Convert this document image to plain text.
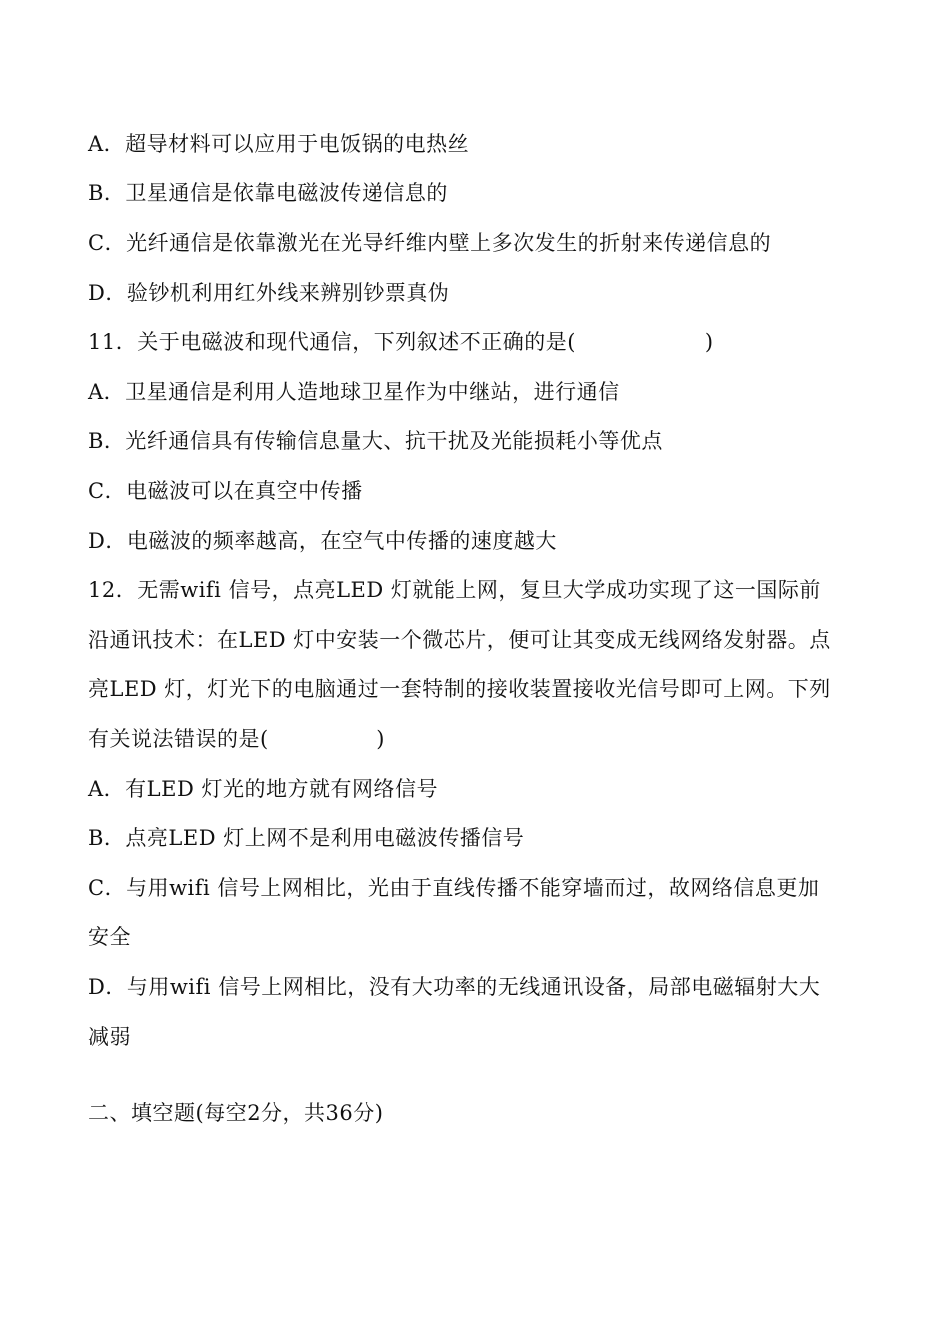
A．超导材料可以应用于电饭锅的电热丝
B．卫星通信是依靠电磁波传递信息的
C．光纤通信是依靠激光在光导纤维内壁上多次发生的折射来传递信息的
D．验钞机利用红外线来辨别钞票真伪
11．关于电磁波和现代通信，下列叙述不正确的是(　　　　　　)
A．卫星通信是利用人造地球卫星作为中继站，进行通信
B．光纤通信具有传输信息量大、抗干扰及光能损耗小等优点
C．电磁波可以在真空中传播
D．电磁波的频率越高，在空气中传播的速度越大
12．无需wifi 信号，点亮LED 灯就能上网，复旦大学成功实现了这一国际前
沿通讯技术：在LED 灯中安装一个微芯片，便可让其变成无线网络发射器。点
亮LED 灯，灯光下的电脑通过一套特制的接收装置接收光信号即可上网。下列
有关说法错误的是(　　　　　)
A．有LED 灯光的地方就有网络信号
B．点亮LED 灯上网不是利用电磁波传播信号
C．与用wifi 信号上网相比，光由于直线传播不能穿墙而过，故网络信息更加
安全
D．与用wifi 信号上网相比，没有大功率的无线通讯设备，局部电磁辐射大大
减弱
二、填空题(每空2分，共36分)
